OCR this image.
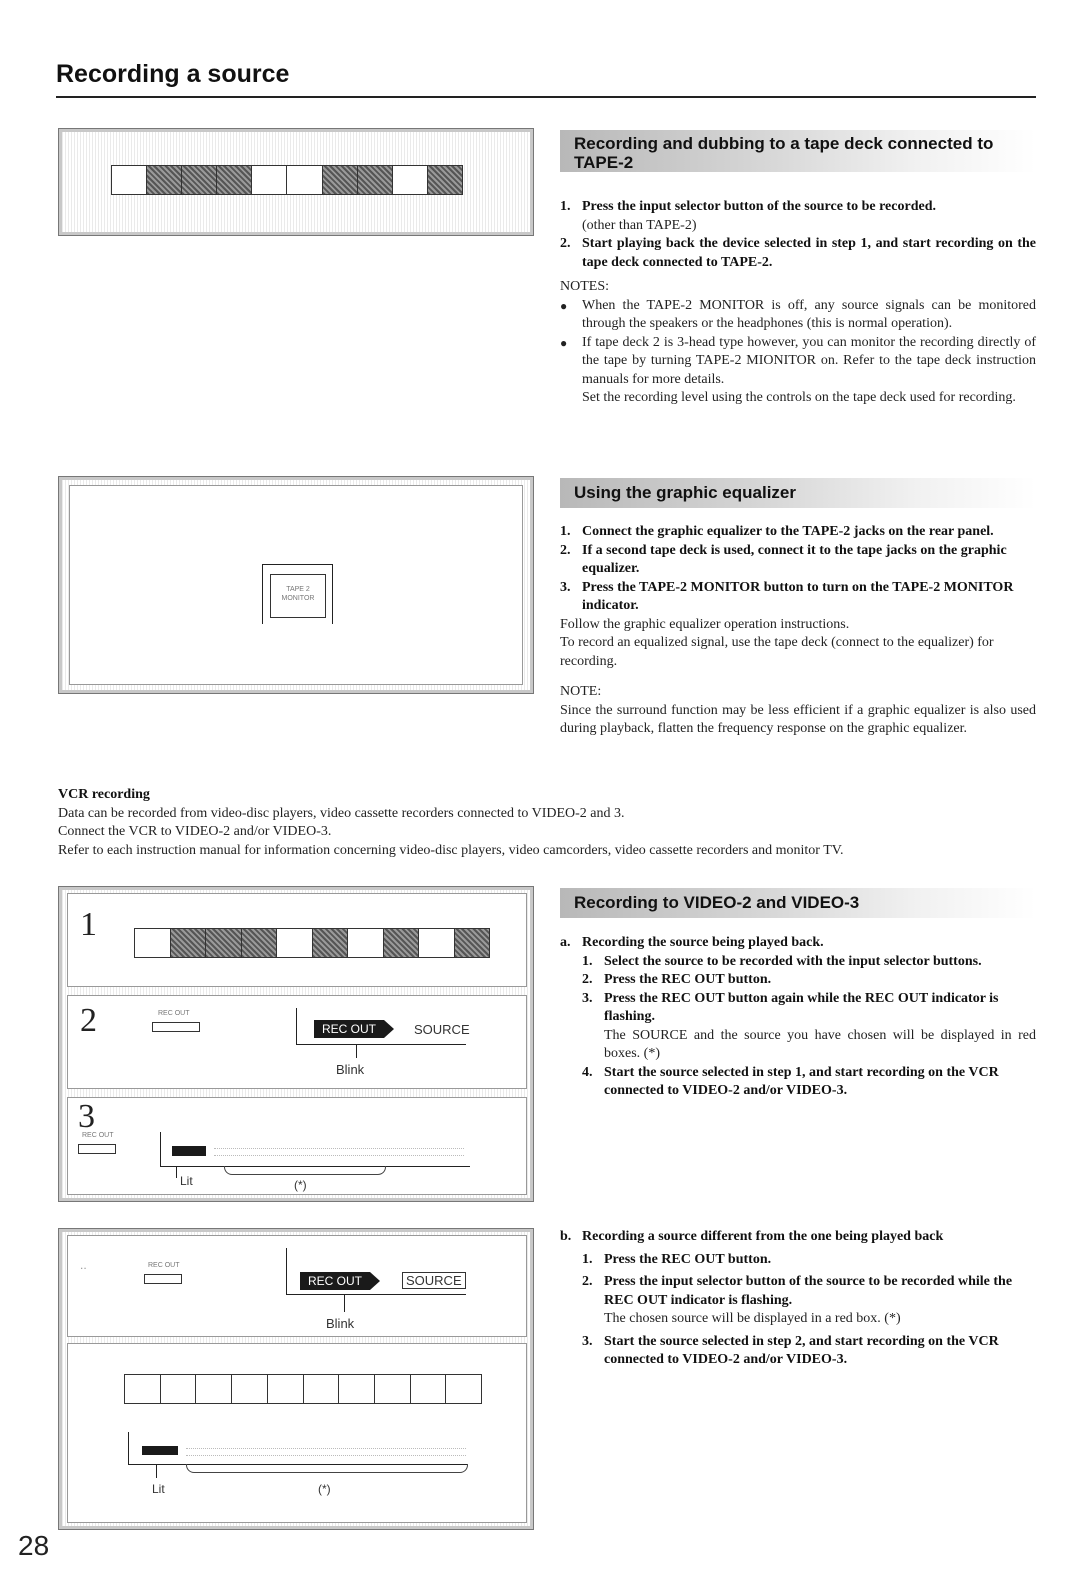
Recording a source
Recording and dubbing to a tape deck connected to TAPE-2
1. Press the input selector button of the source to be recorded.
(other than TAPE-2)
2. Start playing back the device selected in step 1, and start recording on the tape deck connected to TAPE-2.
NOTES:
●	When the TAPE-2 MONITOR is off, any source signals can be monitored through the speakers or the headphones (this is normal operation).
●	If tape deck 2 is 3-head type however, you can monitor the recording directly of the tape by turning TAPE-2 MIONITOR on. Refer to the tape deck instruction manuals for more details.
Set the recording level using the controls on the tape deck used for recording.
TAPE 2 MONITOR
Using the graphic equalizer
1. Connect the graphic equalizer to the TAPE-2 jacks on the rear panel.
2. If a second tape deck is used, connect it to the tape jacks on the graphic equalizer.
3. Press the TAPE-2 MONITOR button to turn on the TAPE-2 MONITOR indicator.
Follow the graphic equalizer operation instructions.
To record an equalized signal, use the tape deck (connect to the equalizer) for recording.
NOTE:
Since the surround function may be less efficient if a graphic equalizer is also used during playback, flatten the frequency response on the graphic equalizer.
VCR recording
Data can be recorded from video-disc players, video cassette recorders connected to VIDEO-2 and 3.
Connect the VCR to VIDEO-2 and/or VIDEO-3.
Refer to each instruction manual for information concerning video-disc players, video camcorders, video cassette recorders and monitor TV.
1
2	REC OUT
REC OUT	SOURCE
Blink
3
REC OUT
Lit	(*)
Recording to VIDEO-2 and VIDEO-3
a. Recording the source being played back.
1. Select the source to be recorded with the input selector buttons.
2. Press the REC OUT button.
3. Press the REC OUT button again while the REC OUT indicator is flashing.
The SOURCE and the source you have chosen will be displayed in red boxes. (*)
4. Start the source selected in step 1, and start recording on the VCR connected to VIDEO-2 and/or VIDEO-3.
..	REC OUT
REC OUT	SOURCE
Blink
Lit	(*)
b. Recording a source different from the one being played back
1. Press the REC OUT button.
2. Press the input selector button of the source to be recorded while the REC OUT indicator is flashing.
The chosen source will be displayed in a red box. (*)
3. Start the source selected in step 2, and start recording on the VCR connected to VIDEO-2 and/or VIDEO-3.
28
